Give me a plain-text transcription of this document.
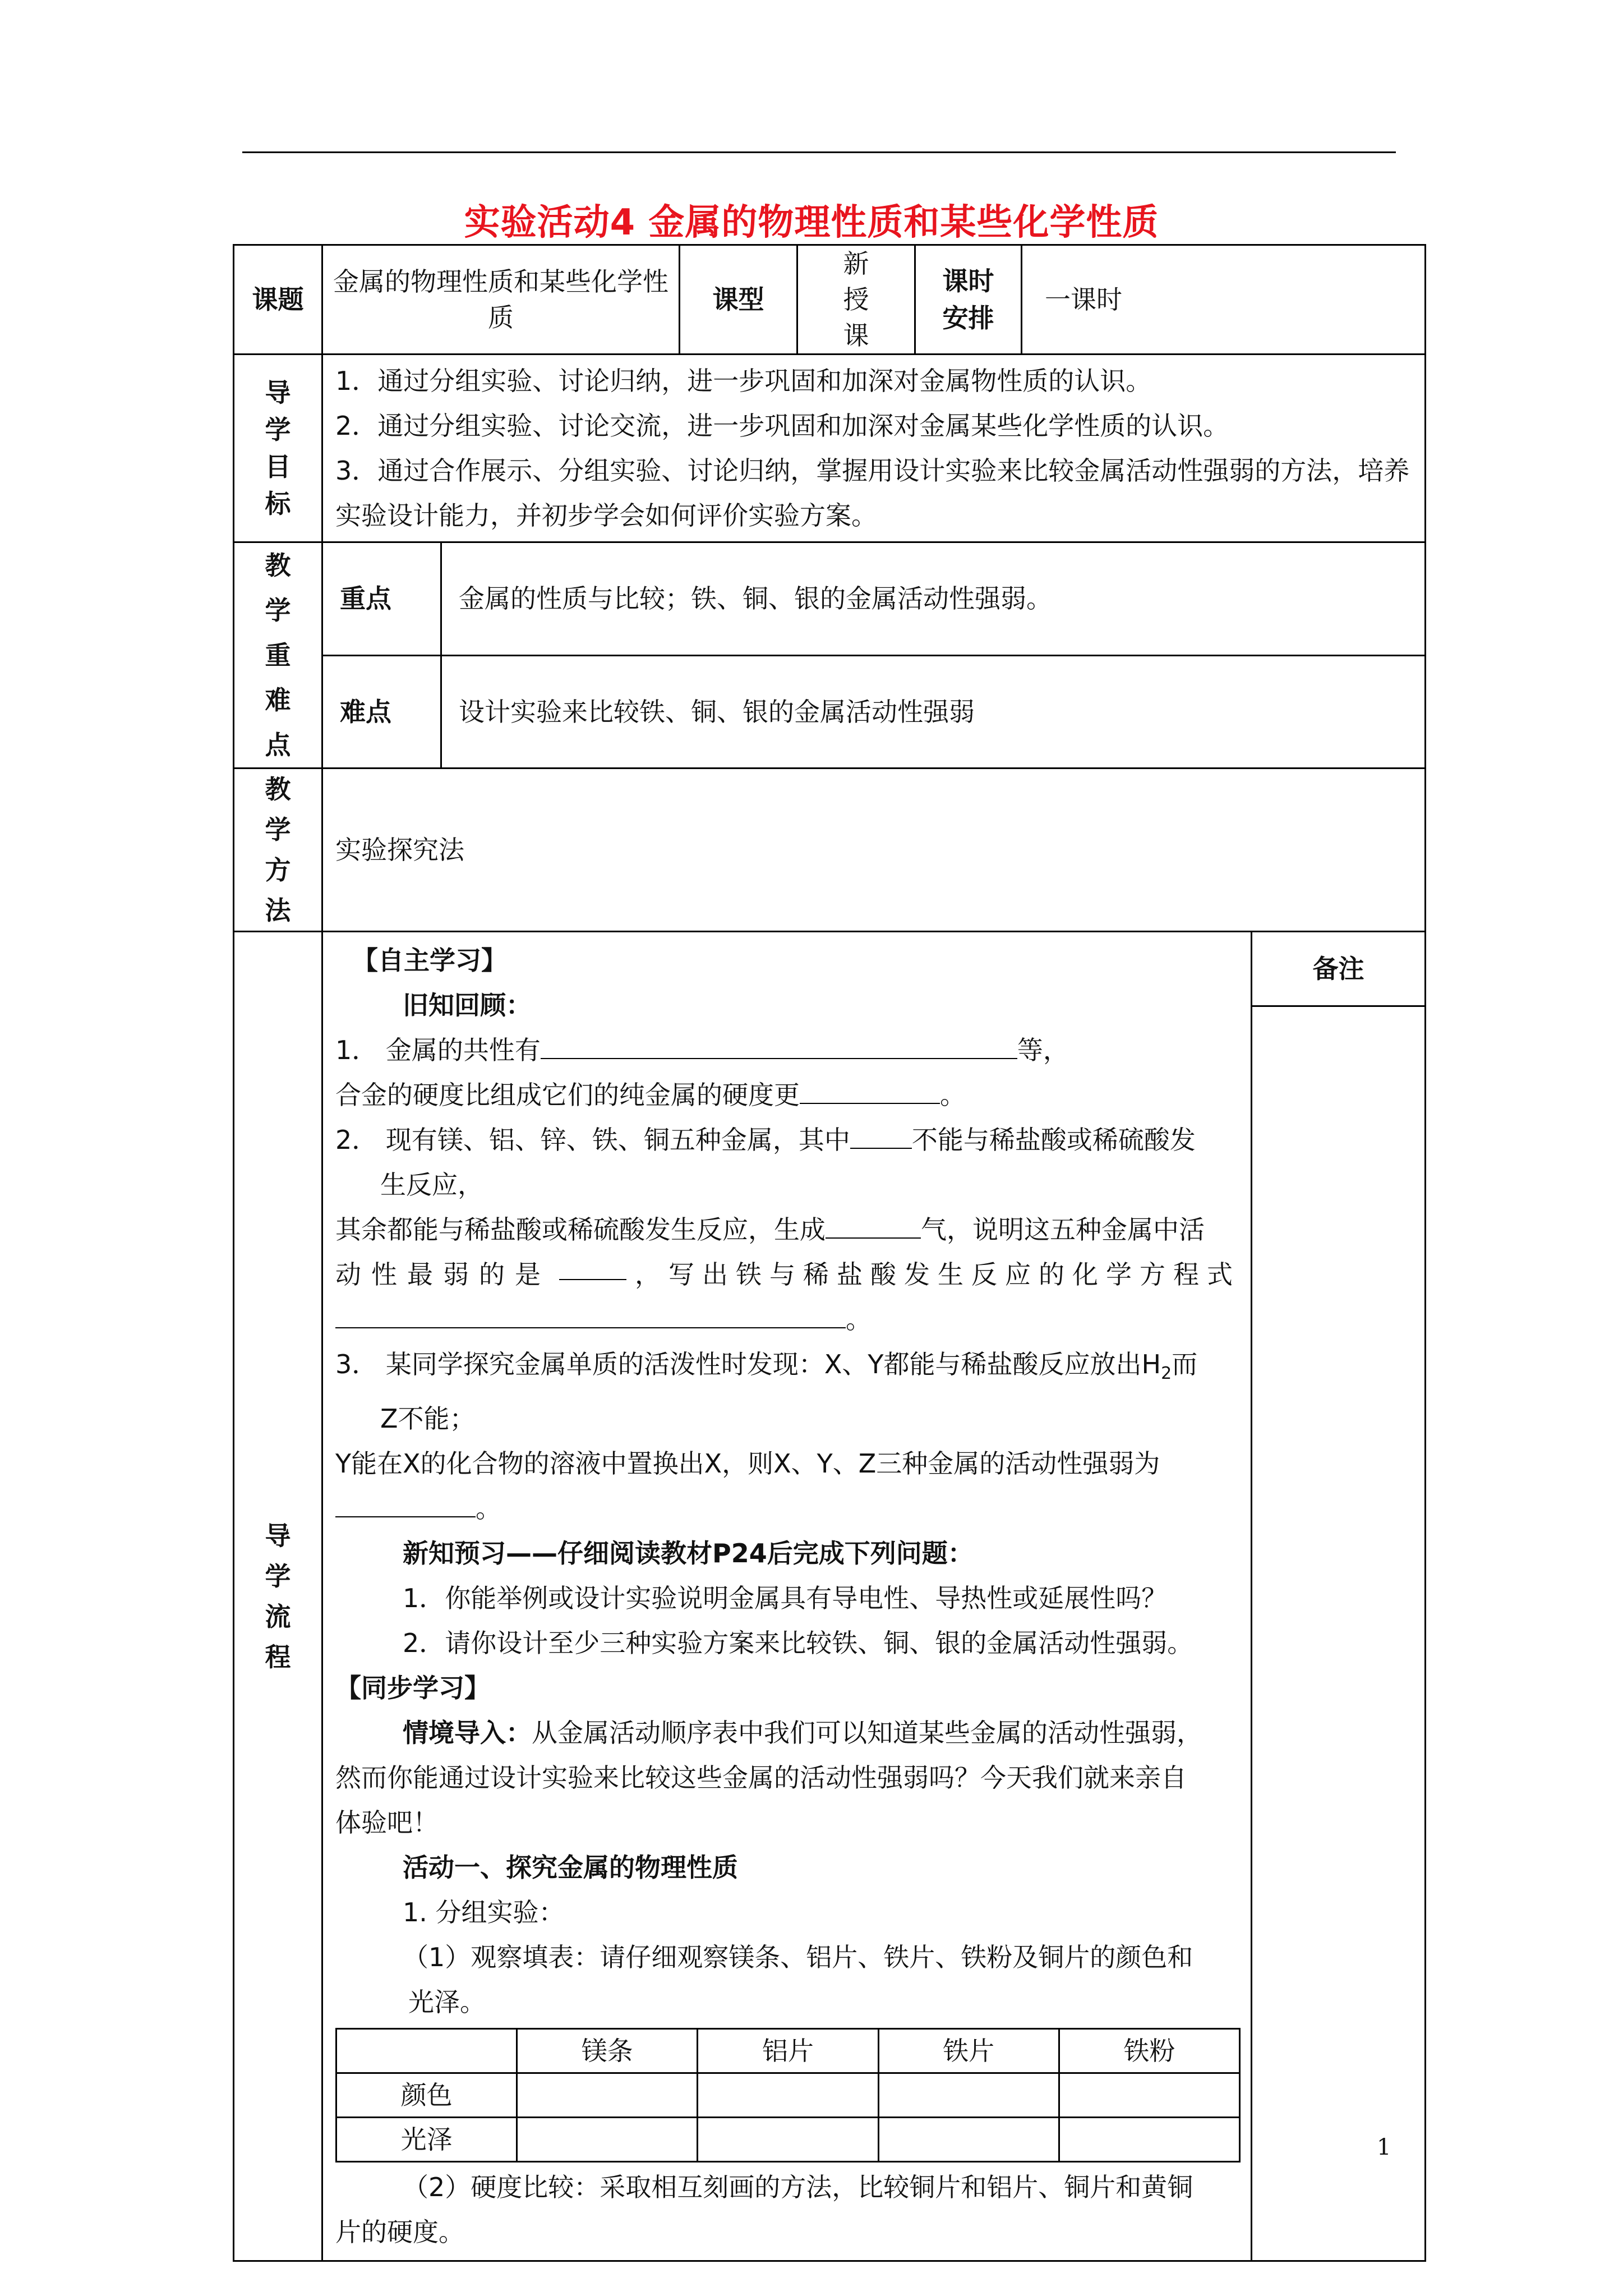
实验活动4 金属的物理性质和某些化学性质
课题	金属的物理性质和某些化学性质	课型	新授课	课时安排	一课时
导学目标	
1．通过分组实验、讨论归纳，进一步巩固和加深对金属物性质的认识。
2．通过分组实验、讨论交流，进一步巩固和加深对金属某些化学性质的认识。
3．通过合作展示、分组实验、讨论归纳，掌握用设计实验来比较金属活动性强弱的方法，培养实验设计能力，并初步学会如何评价实验方案。

教学重难点	重点	金属的性质与比较；铁、铜、银的金属活动性强弱。
难点	设计实验来比较铁、铜、银的金属活动性强弱
教学方法	实验探究法
导学流程	
【自主学习】
旧知回顾：
1． 金属的共性有	等，
合金的硬度比组成它们的纯金属的硬度更	。
2． 现有镁、铝、锌、铁、铜五种金属，其中 不能与稀盐酸或稀硫酸发
生反应，
其余都能与稀盐酸或稀硫酸发生反应，生成	气，说明这五种金属中活
动性最弱的是	，写出铁与稀盐酸发生反应的化学方程式
。
3． 某同学探究金属单质的活泼性时发现：X、Y都能与稀盐酸反应放出$H_2$而
Z不能；
Y能在X的化合物的溶液中置换出X，则X、Y、Z三种金属的活动性强弱为
。
新知预习——仔细阅读教材P24后完成下列问题：
1．你能举例或设计实验说明金属具有导电性、导热性或延展性吗？
2．请你设计至少三种实验方案来比较铁、铜、银的金属活动性强弱。
【同步学习】
情境导入：从金属活动顺序表中我们可以知道某些金属的活动性强弱，
然而你能通过设计实验来比较这些金属的活动性强弱吗？今天我们就来亲自
体验吧！
活动一、探究金属的物理性质
1. 分组实验：
（1）观察填表：请仔细观察镁条、铝片、铁片、铁粉及铜片的颜色和
光泽。
	镁条	铝片	铁片	铁粉
颜色				
光泽				
（2）硬度比较：采取相互刻画的方法，比较铜片和铝片、铜片和黄铜
片的硬度。

备注
1
